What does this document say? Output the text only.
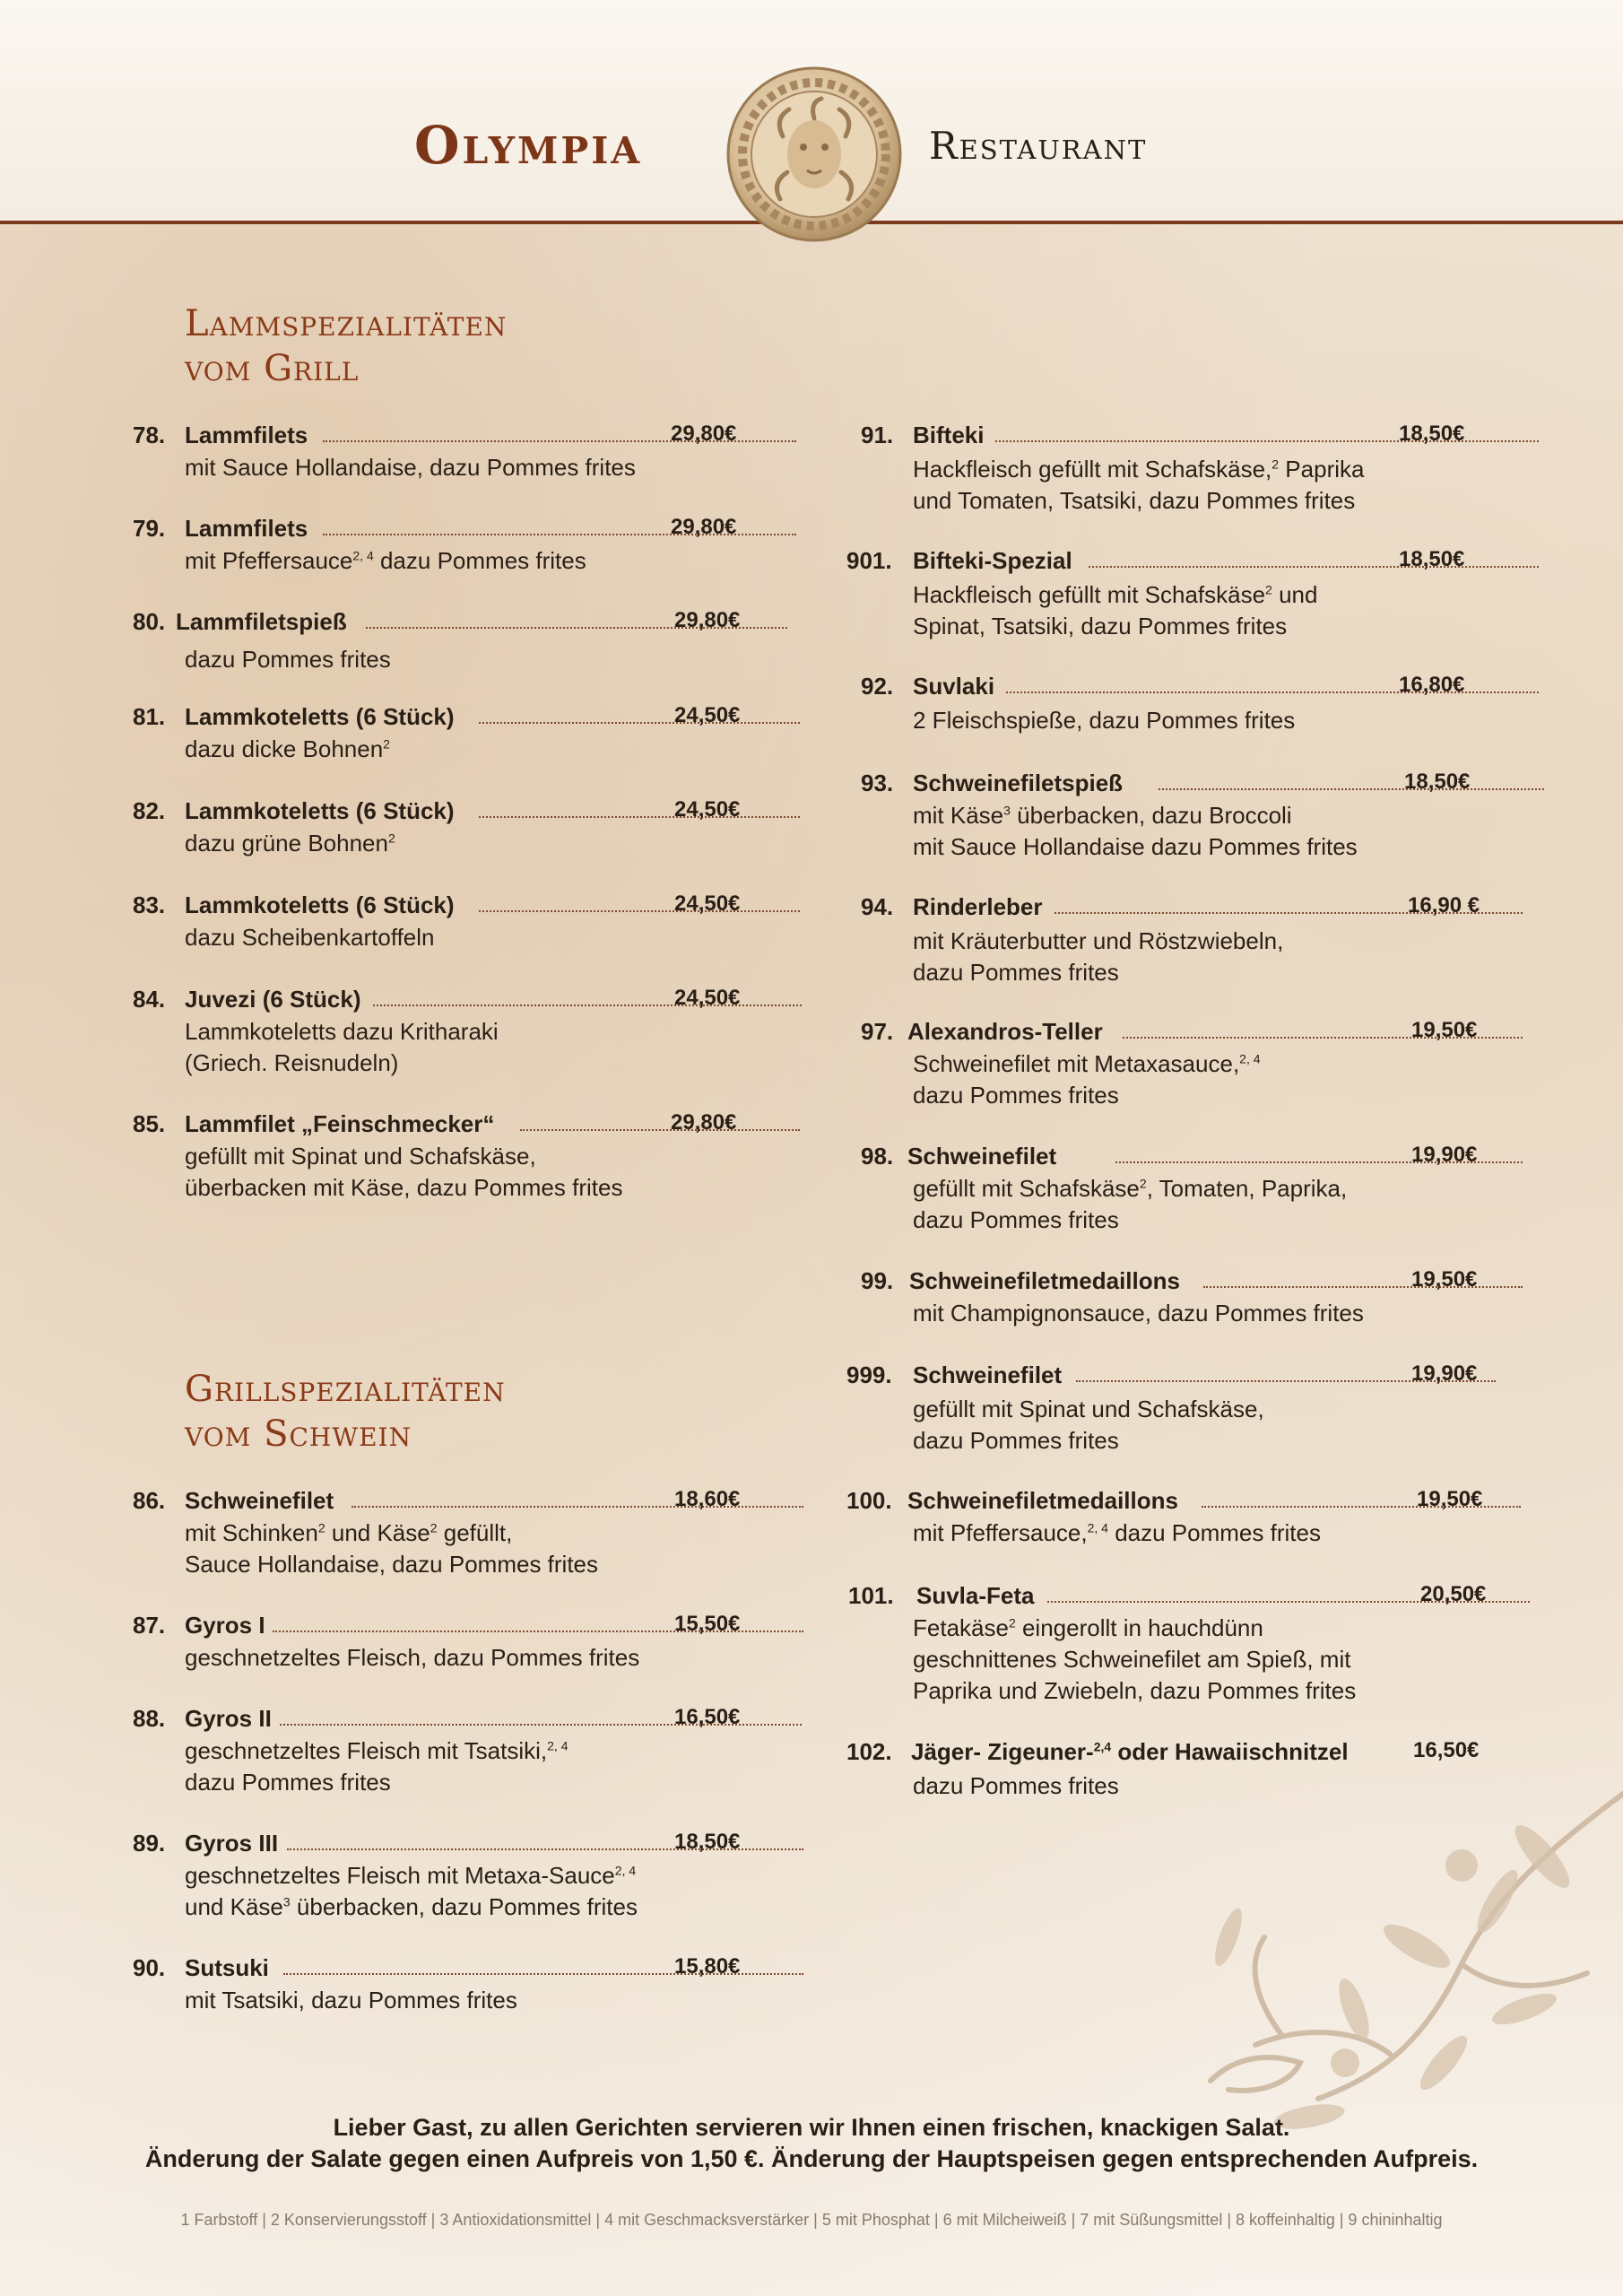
Olympia	Restaurant
Lammspezialitäten
vom Grill
78. Lammfilets	29,80€
mit Sauce Hollandaise, dazu Pommes frites
79. Lammfilets	29,80€
mit Pfeffersauce$^{2, 4}$ dazu Pommes frites
80. Lammfiletspieß	29,80€
dazu Pommes frites
81. Lammkoteletts (6 Stück)	24,50€
dazu dicke Bohnen$^2$
82. Lammkoteletts (6 Stück)	24,50€
dazu grüne Bohnen$^2$
83. Lammkoteletts (6 Stück)	24,50€
dazu Scheibenkartoffeln
84. Juvezi (6 Stück)	24,50€
Lammkoteletts dazu Kritharaki
(Griech. Reisnudeln)
85. Lammfilet „Feinschmecker“	29,80€
gefüllt mit Spinat und Schafskäse,
überbacken mit Käse, dazu Pommes frites
Grillspezialitäten
vom Schwein
86. Schweinefilet	18,60€
mit Schinken$^2$ und Käse$^2$ gefüllt,
Sauce Hollandaise, dazu Pommes frites
87. Gyros I	15,50€
geschnetzeltes Fleisch, dazu Pommes frites
88. Gyros II	16,50€
geschnetzeltes Fleisch mit Tsatsiki,$^{2, 4}$
dazu Pommes frites
89. Gyros III	18,50€
geschnetzeltes Fleisch mit Metaxa-Sauce$^{2, 4}$
und Käse$^3$ überbacken, dazu Pommes frites
90. Sutsuki	15,80€
mit Tsatsiki, dazu Pommes frites
91. Bifteki	18,50€
Hackfleisch gefüllt mit Schafskäse,$^2$ Paprika
und Tomaten, Tsatsiki, dazu Pommes frites
901. Bifteki-Spezial	18,50€
Hackfleisch gefüllt mit Schafskäse$^2$ und
Spinat, Tsatsiki, dazu Pommes frites
92. Suvlaki	16,80€
2 Fleischspieße, dazu Pommes frites
93. Schweinefiletspieß	18,50€
mit Käse$^3$ überbacken, dazu Broccoli
mit Sauce Hollandaise dazu Pommes frites
94. Rinderleber	16,90 €
mit Kräuterbutter und Röstzwiebeln,
dazu Pommes frites
97. Alexandros-Teller	19,50€
Schweinefilet mit Metaxasauce,$^{2, 4}$
dazu Pommes frites
98. Schweinefilet	19,90€
gefüllt mit Schafskäse$^2$, Tomaten, Paprika,
dazu Pommes frites
99. Schweinefiletmedaillons	19,50€
mit Champignonsauce, dazu Pommes frites
999. Schweinefilet	19,90€
gefüllt mit Spinat und Schafskäse,
dazu Pommes frites
100. Schweinefiletmedaillons	19,50€
mit Pfeffersauce,$^{2, 4}$ dazu Pommes frites
101. Suvla-Feta	20,50€
Fetakäse$^2$ eingerollt in hauchdünn
geschnittenes Schweinefilet am Spieß, mit
Paprika und Zwiebeln, dazu Pommes frites
102. Jäger- Zigeuner-$^{2,4}$ oder Hawaiischnitzel	16,50€
dazu Pommes frites
Lieber Gast, zu allen Gerichten servieren wir Ihnen einen frischen, knackigen Salat.
Änderung der Salate gegen einen Aufpreis von 1,50 €. Änderung der Hauptspeisen gegen entsprechenden Aufpreis.
1 Farbstoff | 2 Konservierungsstoff | 3 Antioxidationsmittel | 4 mit Geschmacksverstärker | 5 mit Phosphat | 6 mit Milcheiweiß | 7 mit Süßungsmittel | 8 koffeinhaltig | 9 chininhaltig
